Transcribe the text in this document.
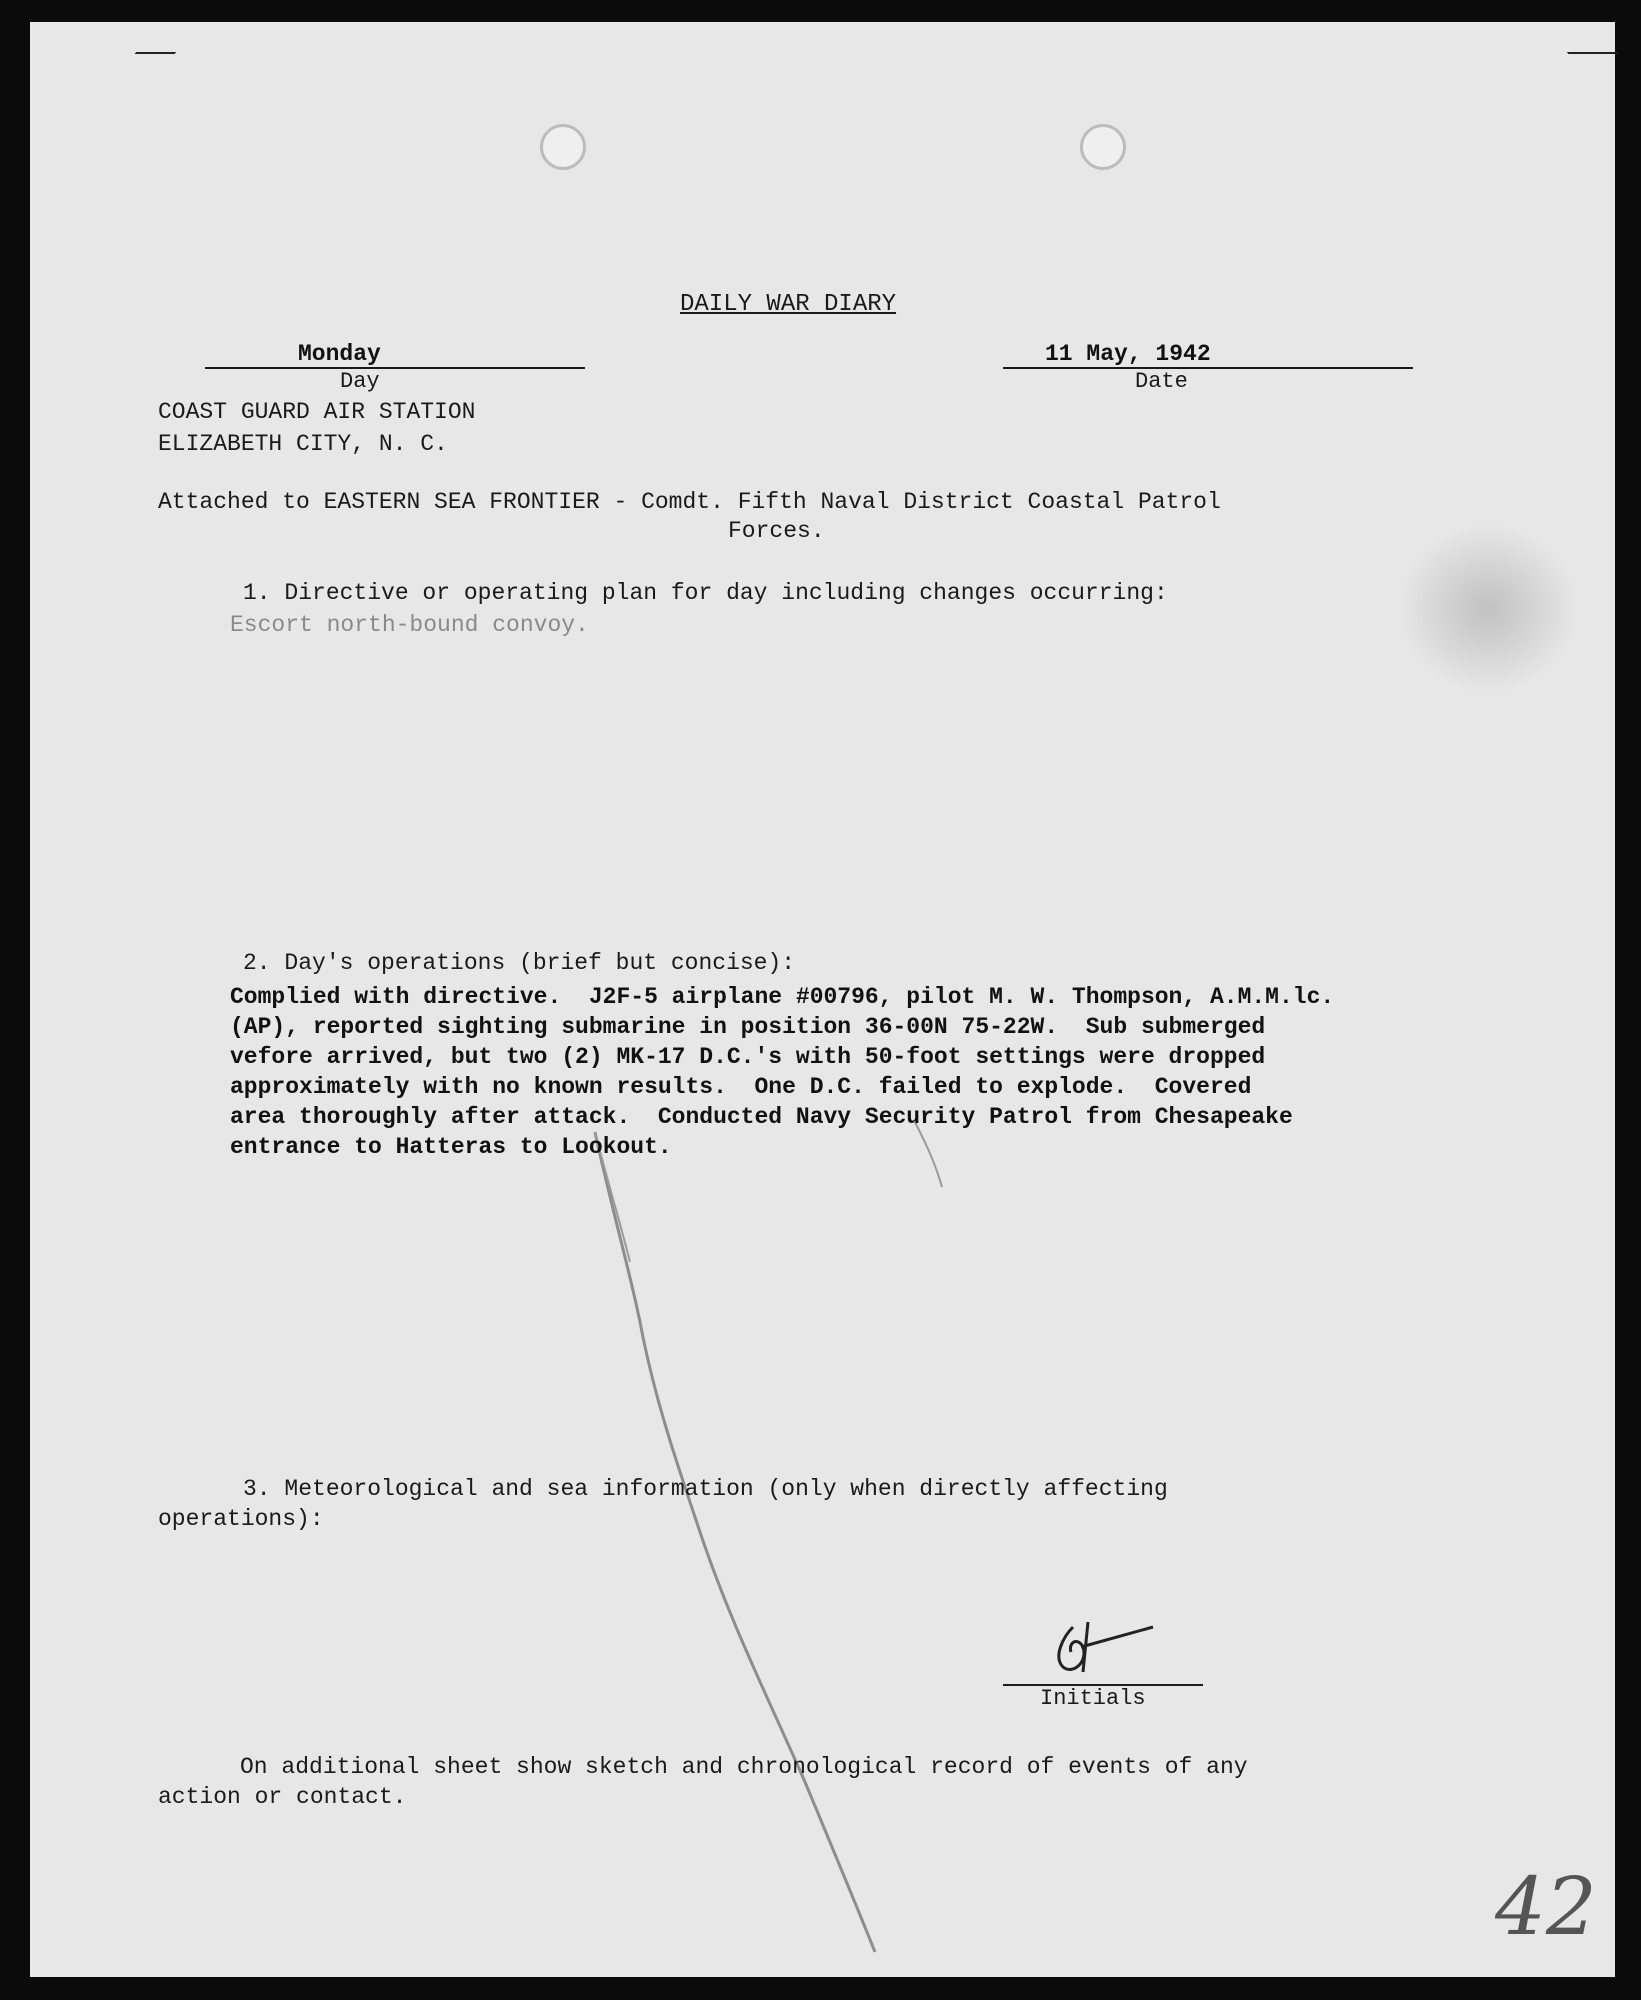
DAILY WAR DIARY
Monday
Day
11 May, 1942
Date
COAST GUARD AIR STATION
ELIZABETH CITY, N. C.
Attached to EASTERN SEA FRONTIER - Comdt. Fifth Naval District Coastal Patrol
Forces.
1. Directive or operating plan for day including changes occurring:
Escort north-bound convoy.
2. Day's operations (brief but concise):
Complied with directive.  J2F-5 airplane #00796, pilot M. W. Thompson, A.M.M.lc.
(AP), reported sighting submarine in position 36-00N 75-22W.  Sub submerged
vefore arrived, but two (2) MK-17 D.C.'s with 50-foot settings were dropped
approximately with no known results.  One D.C. failed to explode.  Covered
area thoroughly after attack.  Conducted Navy Security Patrol from Chesapeake
entrance to Hatteras to Lookout.
3. Meteorological and sea information (only when directly affecting
operations):
Initials
On additional sheet show sketch and chronological record of events of any
action or contact.
42
